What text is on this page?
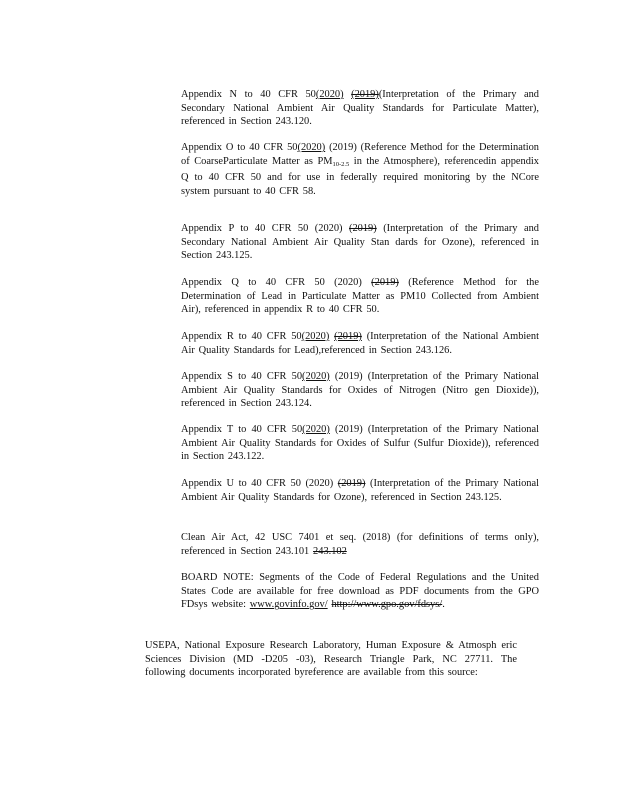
Appendix N to 40 CFR 50(2020) (2019)(Interpretation of the Primary and Secondary National Ambient Air Quality Standards for Particulate Matter), referenced in Section 243.120.

Appendix O to 40 CFR 50(2020) (2019) (Reference Method for the Determination of CoarseParticulate Matter as $PM_{10-2.5}$ in the Atmosphere), referencedin appendix Q to 40 CFR 50 and for use in federally required monitoring by the NCore system pursuant to 40 CFR 58.

Appendix P to 40 CFR 50 (2020) (2019) (Interpretation of the Primary and Secondary National Ambient Air Quality Stan dards for Ozone), referenced in Section 243.125.

Appendix Q to 40 CFR 50 (2020) (2019) (Reference Method for the Determination of Lead in Particulate Matter as PM10 Collected from Ambient Air), referenced in appendix R to 40 CFR 50.

Appendix R to 40 CFR 50(2020) (2019) (Interpretation of the National Ambient Air Quality Standards for Lead),referenced in Section 243.126.

Appendix S to 40 CFR 50(2020) (2019) (Interpretation of the Primary National Ambient Air Quality Standards for Oxides of Nitrogen (Nitro gen Dioxide)), referenced in Section 243.124.

Appendix T to 40 CFR 50(2020) (2019) (Interpretation of the Primary National Ambient Air Quality Standards for Oxides of Sulfur (Sulfur Dioxide)), referenced in Section 243.122.

Appendix U to 40 CFR 50 (2020) (2019) (Interpretation of the Primary National Ambient Air Quality Standards for Ozone), referenced in Section 243.125.

Clean Air Act, 42 USC 7401 et seq. (2018) (for definitions of terms only), referenced in Section 243.101 243.102

BOARD NOTE: Segments of the Code of Federal Regulations and the United States Code are available for free download as PDF documents from the GPO FDsys website: www.govinfo.gov/ http://www.gpo.gov/fdsys/.

USEPA, National Exposure Research Laboratory, Human Exposure & Atmosph eric Sciences Division (MD -D205 -03), Research Triangle Park, NC 27711. The following documents incorporated byreference are available from this source:
